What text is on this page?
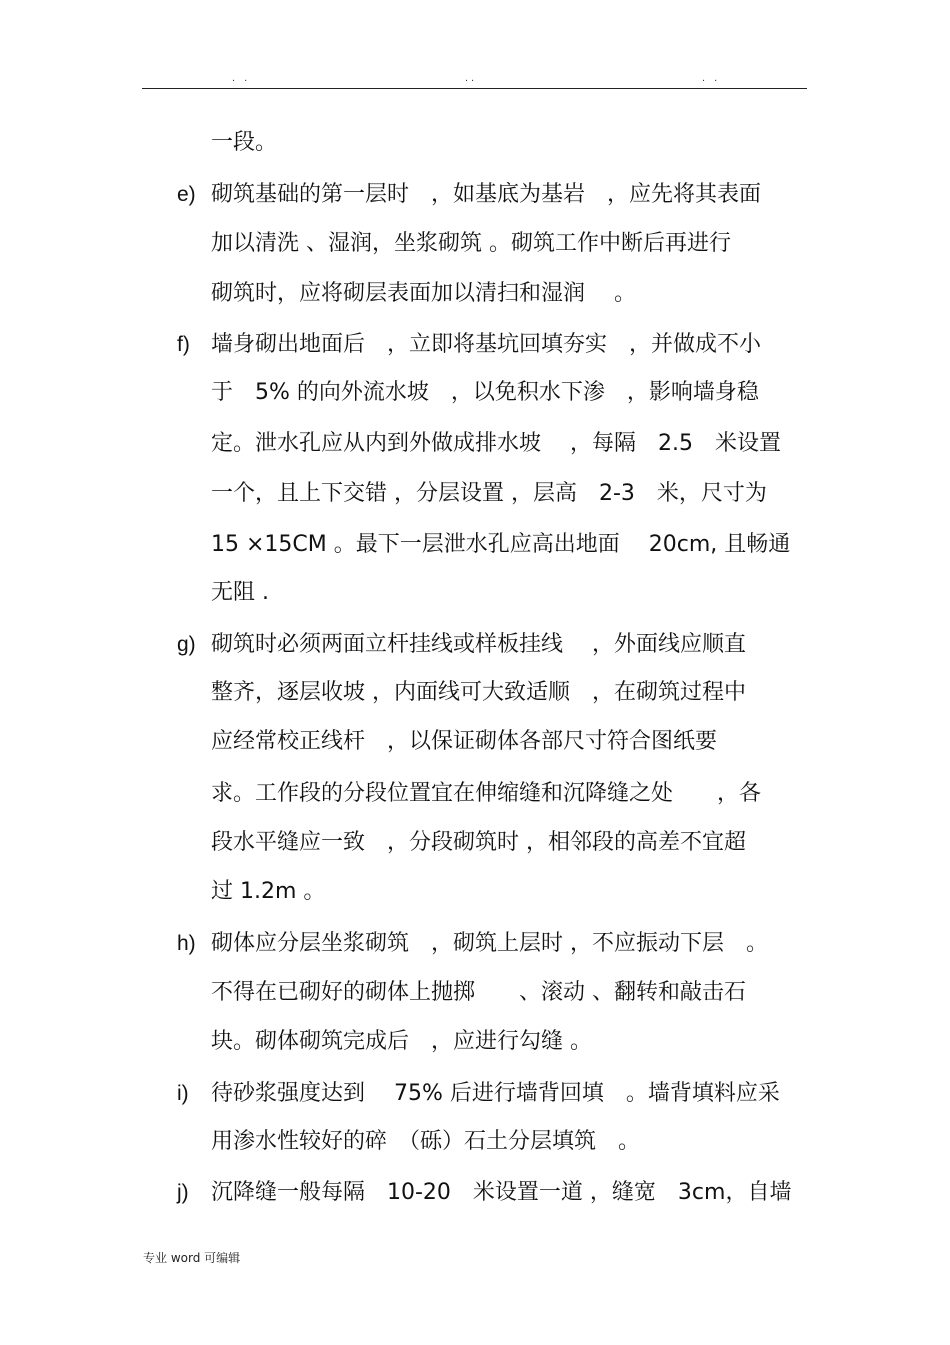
. .	..	. .
e)
f)
g)
h)
i)
j)
一段。
砌筑基础的第一层时　，如基底为基岩　，应先将其表面
加以清洗 、湿润，坐浆砌筑 。砌筑工作中断后再进行
砌筑时，应将砌层表面加以清扫和湿润　 。
墙身砌出地面后　，立即将基坑回填夯实　，并做成不小
于　5% 的向外流水坡　，以免积水下渗　，影响墙身稳
定。泄水孔应从内到外做成排水坡　 ，每隔　2.5　米设置
一个，且上下交错 ，分层设置 ，层高　2-3　米，尺寸为
15 ×15CM 。最下一层泄水孔应高出地面　 20cm, 且畅通
无阻 .
砌筑时必须两面立杆挂线或样板挂线　 ，外面线应顺直
整齐，逐层收坡 ，内面线可大致适顺　，在砌筑过程中
应经常校正线杆　，以保证砌体各部尺寸符合图纸要
求。工作段的分段位置宜在伸缩缝和沉降缝之处　　，各
段水平缝应一致　，分段砌筑时 ，相邻段的高差不宜超
过 1.2m 。
砌体应分层坐浆砌筑　，砌筑上层时 ，不应振动下层　。
不得在已砌好的砌体上抛掷　　、滚动 、翻转和敲击石
块。砌体砌筑完成后　，应进行勾缝 。
待砂浆强度达到　 75% 后进行墙背回填　。墙背填料应采
用渗水性较好的碎　（砾）石土分层填筑　。
沉降缝一般每隔　10-20　米设置一道 ，缝宽　3cm，自墙
专业 word 可编辑
